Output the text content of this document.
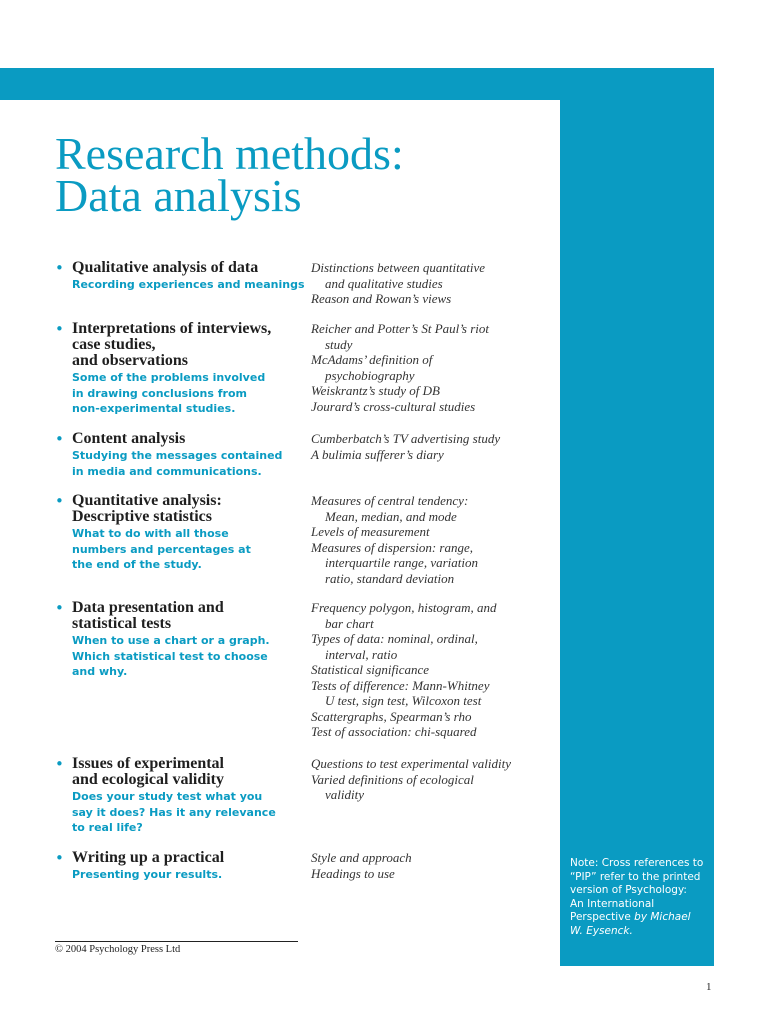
Research methods:
Data analysis
• Qualitative analysis of data
Recording experiences and meanings
Distinctions between quantitative
and qualitative studies
Reason and Rowan’s views
• Interpretations of interviews,
case studies,
and observations
Some of the problems involved
in drawing conclusions from
non-experimental studies.
Reicher and Potter’s St Paul’s riot
study
McAdams’ definition of
psychobiography
Weiskrantz’s study of DB
Jourard’s cross-cultural studies
• Content analysis
Studying the messages contained
in media and communications.
Cumberbatch’s TV advertising study
A bulimia sufferer’s diary
• Quantitative analysis:
Descriptive statistics
What to do with all those
numbers and percentages at
the end of the study.
Measures of central tendency:
Mean, median, and mode
Levels of measurement
Measures of dispersion: range,
interquartile range, variation
ratio, standard deviation
• Data presentation and
statistical tests
When to use a chart or a graph.
Which statistical test to choose
and why.
Frequency polygon, histogram, and
bar chart
Types of data: nominal, ordinal,
interval, ratio
Statistical significance
Tests of difference: Mann-Whitney
U test, sign test, Wilcoxon test
Scattergraphs, Spearman’s rho
Test of association: chi-squared
• Issues of experimental
and ecological validity
Does your study test what you
say it does? Has it any relevance
to real life?
Questions to test experimental validity
Varied definitions of ecological
validity
• Writing up a practical
Presenting your results.
Style and approach
Headings to use
Note: Cross references to
“PIP” refer to the printed
version of Psychology:
An International
Perspective by Michael
W. Eysenck.
© 2004 Psychology Press Ltd
1
